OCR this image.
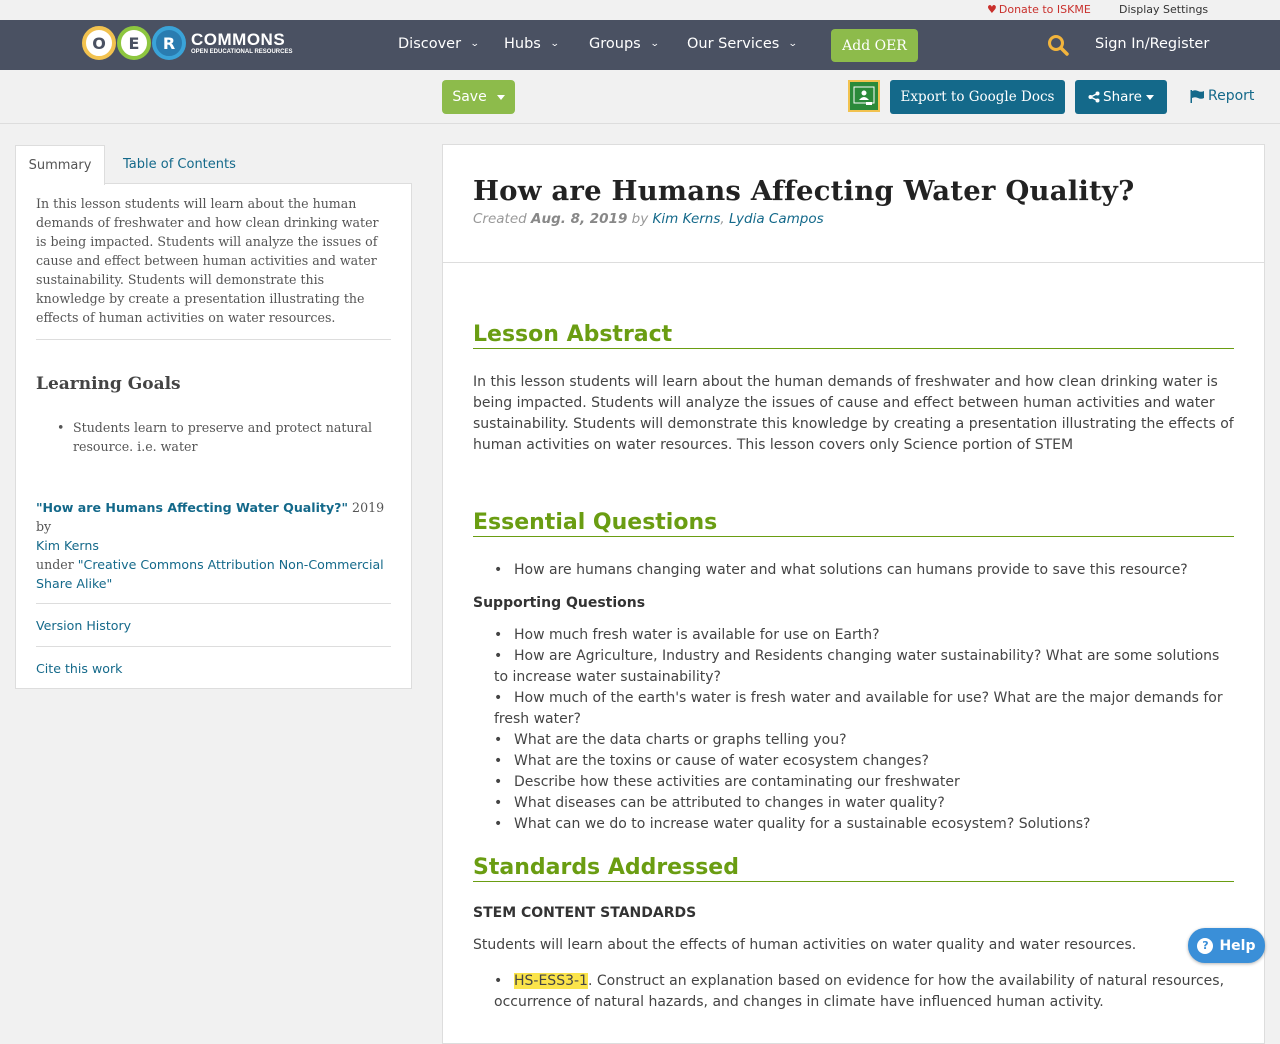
♥ Donate to ISKME	Display Settings
O	E	R COMMONS
OPEN EDUCATIONAL RESOURCES	Discover ⌄ Hubs ⌄ Groups ⌄ Our Services ⌄	Add OER	Sign In/Register
Save	Export to Google Docs	Share	Report
Summary	Table of Contents

In this lesson students will learn about the human demands of freshwater and how clean drinking water is being impacted. Students will analyze the issues of cause and effect between human activities and water sustainability. Students will demonstrate this knowledge by create a presentation illustrating the effects of human activities on water resources.

Learning Goals
• Students learn to preserve and protect natural resource. i.e. water
"How are Humans Affecting Water Quality?" 2019 by
Kim Kerns
under "Creative Commons Attribution Non-Commercial Share Alike"
Version History
Cite this work
How are Humans Affecting Water Quality?
Created Aug. 8, 2019 by Kim Kerns, Lydia Campos
Lesson Abstract

In this lesson students will learn about the human demands of freshwater and how clean drinking water is being impacted. Students will analyze the issues of cause and effect between human activities and water sustainability. Students will demonstrate this knowledge by creating a presentation illustrating the effects of human activities on water resources. This lesson covers only Science portion of STEM

Essential Questions
• How are humans changing water and what solutions can humans provide to save this resource?

Supporting Questions

• How much fresh water is available for use on Earth?
• How are Agriculture, Industry and Residents changing water sustainability? What are some solutions to increase water sustainability?
• How much of the earth's water is fresh water and available for use? What are the major demands for fresh water?
• What are the data charts or graphs telling you?
• What are the toxins or cause of water ecosystem changes?
• Describe how these activities are contaminating our freshwater
• What diseases can be attributed to changes in water quality?
• What can we do to increase water quality for a sustainable ecosystem? Solutions?
Standards Addressed

STEM CONTENT STANDARDS

Students will learn about the effects of human activities on water quality and water resources.

• HS-ESS3-1. Construct an explanation based on evidence for how the availability of natural resources, occurrence of natural hazards, and changes in climate have influenced human activity.
? Help
